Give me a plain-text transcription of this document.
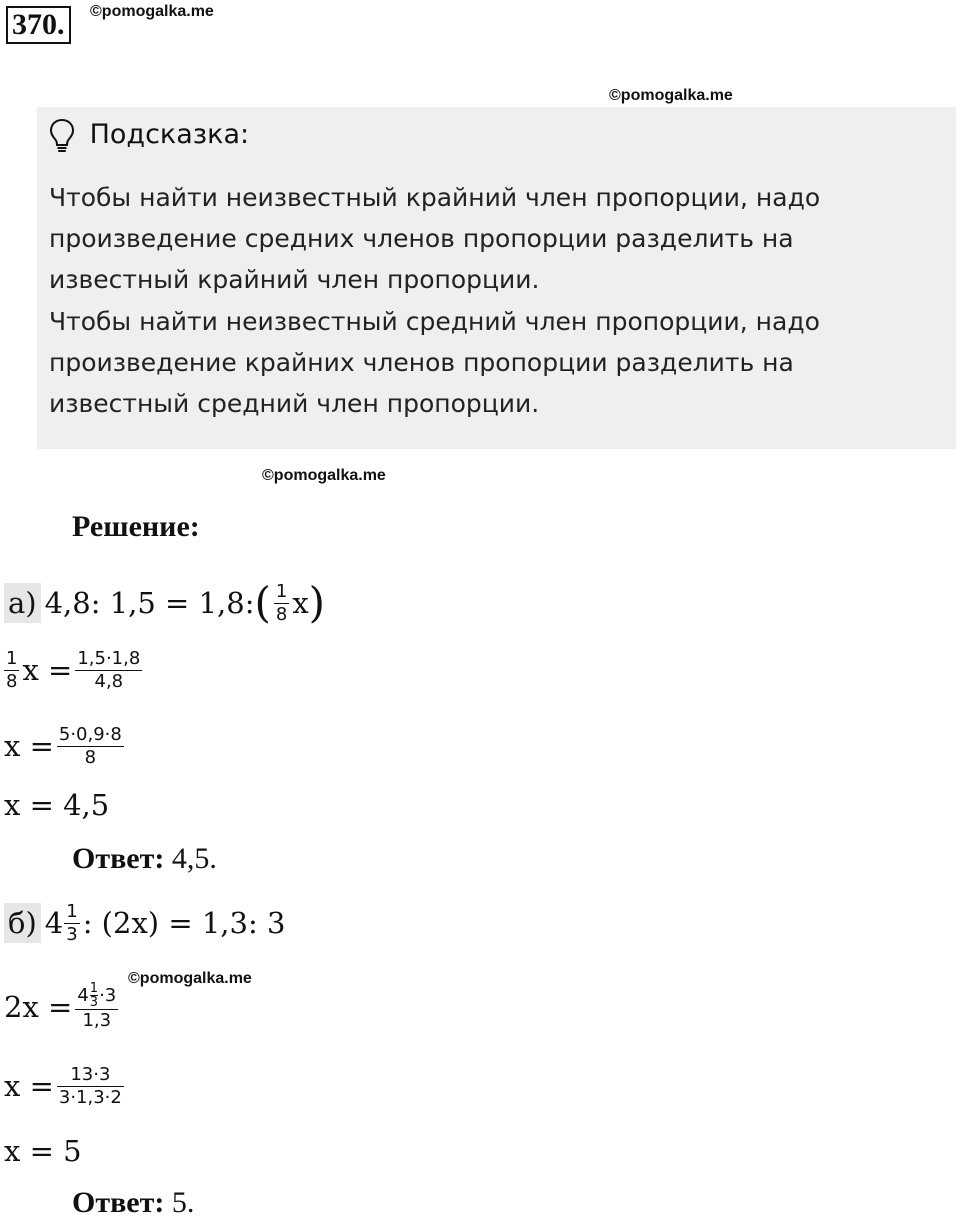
370.	©pomogalka.me
©pomogalka.me
Подсказка:
Чтобы найти неизвестный крайний член пропорции, надо
произведение средних членов пропорции разделить на
известный крайний член пропорции.
Чтобы найти неизвестный средний член пропорции, надо
произведение крайних членов пропорции разделить на
известный средний член пропорции.
©pomogalka.me
Решение:
а) 4,8: 1,5 = 1,8: ( $\frac{1}{8}$ x )
$\frac{1}{8}$ $x = \frac{1,5\cdot 1,8}{4,8}$
$x = \frac{5\cdot 0,9\cdot 8}{8}$
x = 4,5
Ответ: 4,5.
б) $4 \frac{1}{3}$ : (2x) = 1,3: 3
©pomogalka.me
$2x = \frac{4 \frac{1}{3} \cdot 3}{1,3}$
$x = \frac{13\cdot 3}{3\cdot 1,3\cdot 2}$
x = 5
Ответ: 5.
